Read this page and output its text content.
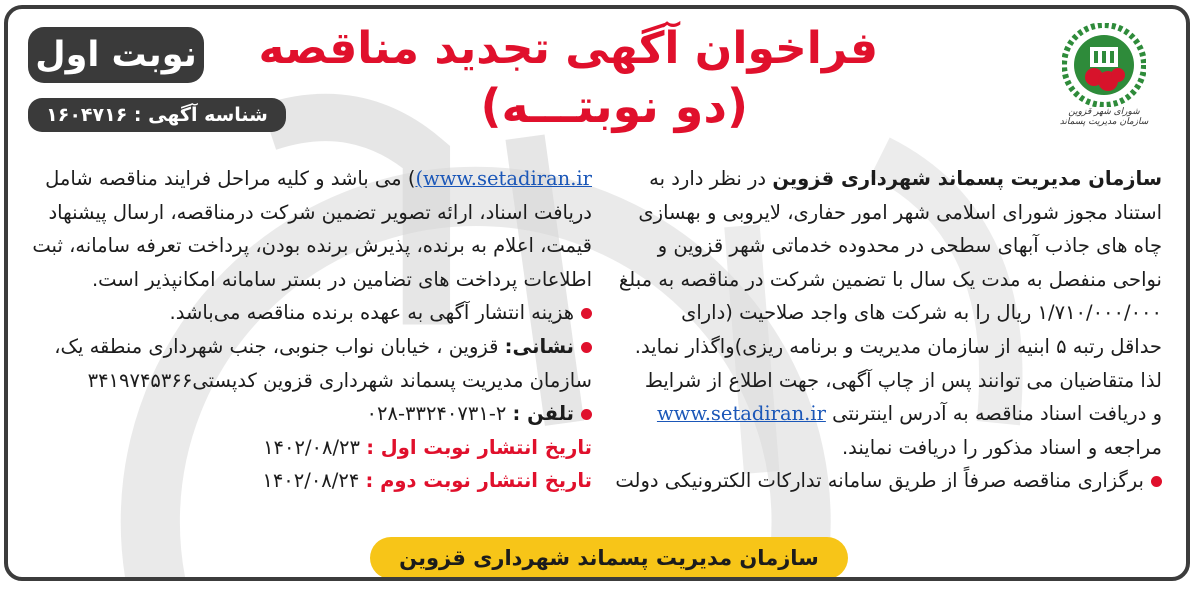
شورای شهر قزوین
سازمان مدیریت پسماند
فراخوان آگهی تجدید مناقصه
(دو نوبتـــه)
نوبت اول
شناسه آگهی : ۱۶۰۴۷۱۶
سازمان مدیریت پسماند شهرداری قزوین در نظر دارد به
استناد مجوز شورای اسلامی شهر امور حفاری، لایروبی و بهسازی
چاه های جاذب آبهای سطحی در محدوده خدماتی شهر قزوین و
نواحی منفصل به مدت یک سال با تضمین شرکت در مناقصه به مبلغ
۱/۷۱۰/۰۰۰/۰۰۰ ریال را به شرکت های واجد صلاحیت (دارای
حداقل رتبه ۵ ابنیه از سازمان مدیریت و برنامه ریزی)واگذار نماید.
لذا متقاضیان می توانند پس از چاپ آگهی، جهت اطلاع از شرایط
و دریافت اسناد مناقصه به آدرس اینترنتی www.setadiran.ir
مراجعه و اسناد مذکور را دریافت نمایند.
برگزاری مناقصه صرفاً از طریق سامانه تدارکات الکترونیکی دولت
(www.setadiran.ir) می باشد و کلیه مراحل فرایند مناقصه شامل
دریافت اسناد، ارائه تصویر تضمین شرکت درمناقصه، ارسال پیشنهاد
قیمت، اعلام به برنده، پذیرش برنده بودن، پرداخت تعرفه سامانه، ثبت
اطلاعات پرداخت های تضامین در بستر سامانه امکانپذیر است.
هزینه انتشار آگهی به عهده برنده مناقصه می‌باشد.
نشانی: قزوین ، خیابان نواب جنوبی، جنب شهرداری منطقه یک،
سازمان مدیریت پسماند شهرداری قزوین کدپستی۳۴۱۹۷۴۵۳۶۶
تلفن : ۲-۳۳۲۴۰۷۳۱-۰۲۸
تاریخ انتشار نوبت اول : ۱۴۰۲/۰۸/۲۳
تاریخ انتشار نوبت دوم : ۱۴۰۲/۰۸/۲۴
سازمان مدیریت پسماند شهرداری قزوین
